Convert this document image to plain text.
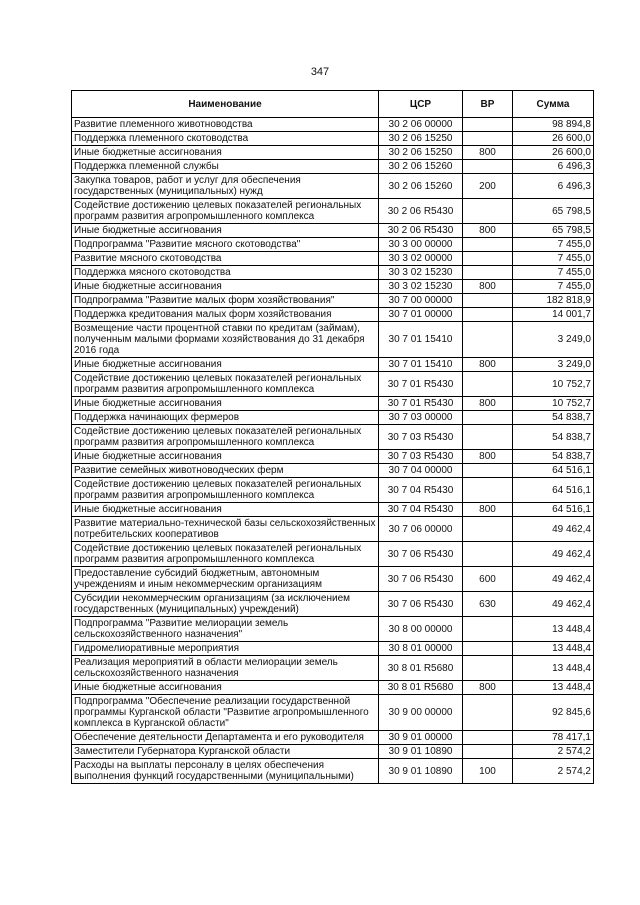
347
Наименование	ЦСР	ВР	Сумма
Развитие племенного животноводства	30 2 06 00000		98 894,8
Поддержка племенного скотоводства	30 2 06 15250		26 600,0
Иные бюджетные ассигнования	30 2 06 15250	800	26 600,0
Поддержка племенной службы	30 2 06 15260		6 496,3
Закупка товаров, работ и услуг для обеспечения государственных (муниципальных) нужд	30 2 06 15260	200	6 496,3
Содействие достижению целевых показателей региональных программ развития агропромышленного комплекса	30 2 06 R5430		65 798,5
Иные бюджетные ассигнования	30 2 06 R5430	800	65 798,5
Подпрограмма "Развитие мясного скотоводства"	30 3 00 00000		7 455,0
Развитие мясного скотоводства	30 3 02 00000		7 455,0
Поддержка мясного скотоводства	30 3 02 15230		7 455,0
Иные бюджетные ассигнования	30 3 02 15230	800	7 455,0
Подпрограмма "Развитие малых форм хозяйствования"	30 7 00 00000		182 818,9
Поддержка кредитования малых форм хозяйствования	30 7 01 00000		14 001,7
Возмещение части процентной ставки по кредитам (займам), полученным малыми формами хозяйствования до 31 декабря 2016 года	30 7 01 15410		3 249,0
Иные бюджетные ассигнования	30 7 01 15410	800	3 249,0
Содействие достижению целевых показателей региональных программ развития агропромышленного комплекса	30 7 01 R5430		10 752,7
Иные бюджетные ассигнования	30 7 01 R5430	800	10 752,7
Поддержка начинающих фермеров	30 7 03 00000		54 838,7
Содействие достижению целевых показателей региональных программ развития агропромышленного комплекса	30 7 03 R5430		54 838,7
Иные бюджетные ассигнования	30 7 03 R5430	800	54 838,7
Развитие семейных животноводческих ферм	30 7 04 00000		64 516,1
Содействие достижению целевых показателей региональных программ развития агропромышленного комплекса	30 7 04 R5430		64 516,1
Иные бюджетные ассигнования	30 7 04 R5430	800	64 516,1
Развитие материально-технической базы сельскохозяйственных потребительских кооперативов	30 7 06 00000		49 462,4
Содействие достижению целевых показателей региональных программ развития агропромышленного комплекса	30 7 06 R5430		49 462,4
Предоставление субсидий бюджетным, автономным учреждениям и иным некоммерческим организациям	30 7 06 R5430	600	49 462,4
Субсидии некоммерческим организациям (за исключением государственных (муниципальных) учреждений)	30 7 06 R5430	630	49 462,4
Подпрограмма "Развитие мелиорации земель сельскохозяйственного назначения"	30 8 00 00000		13 448,4
Гидромелиоративные мероприятия	30 8 01 00000		13 448,4
Реализация мероприятий в области мелиорации земель сельскохозяйственного назначения	30 8 01 R5680		13 448,4
Иные бюджетные ассигнования	30 8 01 R5680	800	13 448,4
Подпрограмма "Обеспечение реализации государственной программы Курганской области "Развитие агропромышленного комплекса в Курганской области"	30 9 00 00000		92 845,6
Обеспечение деятельности Департамента и его руководителя	30 9 01 00000		78 417,1
Заместители Губернатора Курганской области	30 9 01 10890		2 574,2
Расходы на выплаты персоналу в целях обеспечения выполнения функций государственными (муниципальными)	30 9 01 10890	100	2 574,2
